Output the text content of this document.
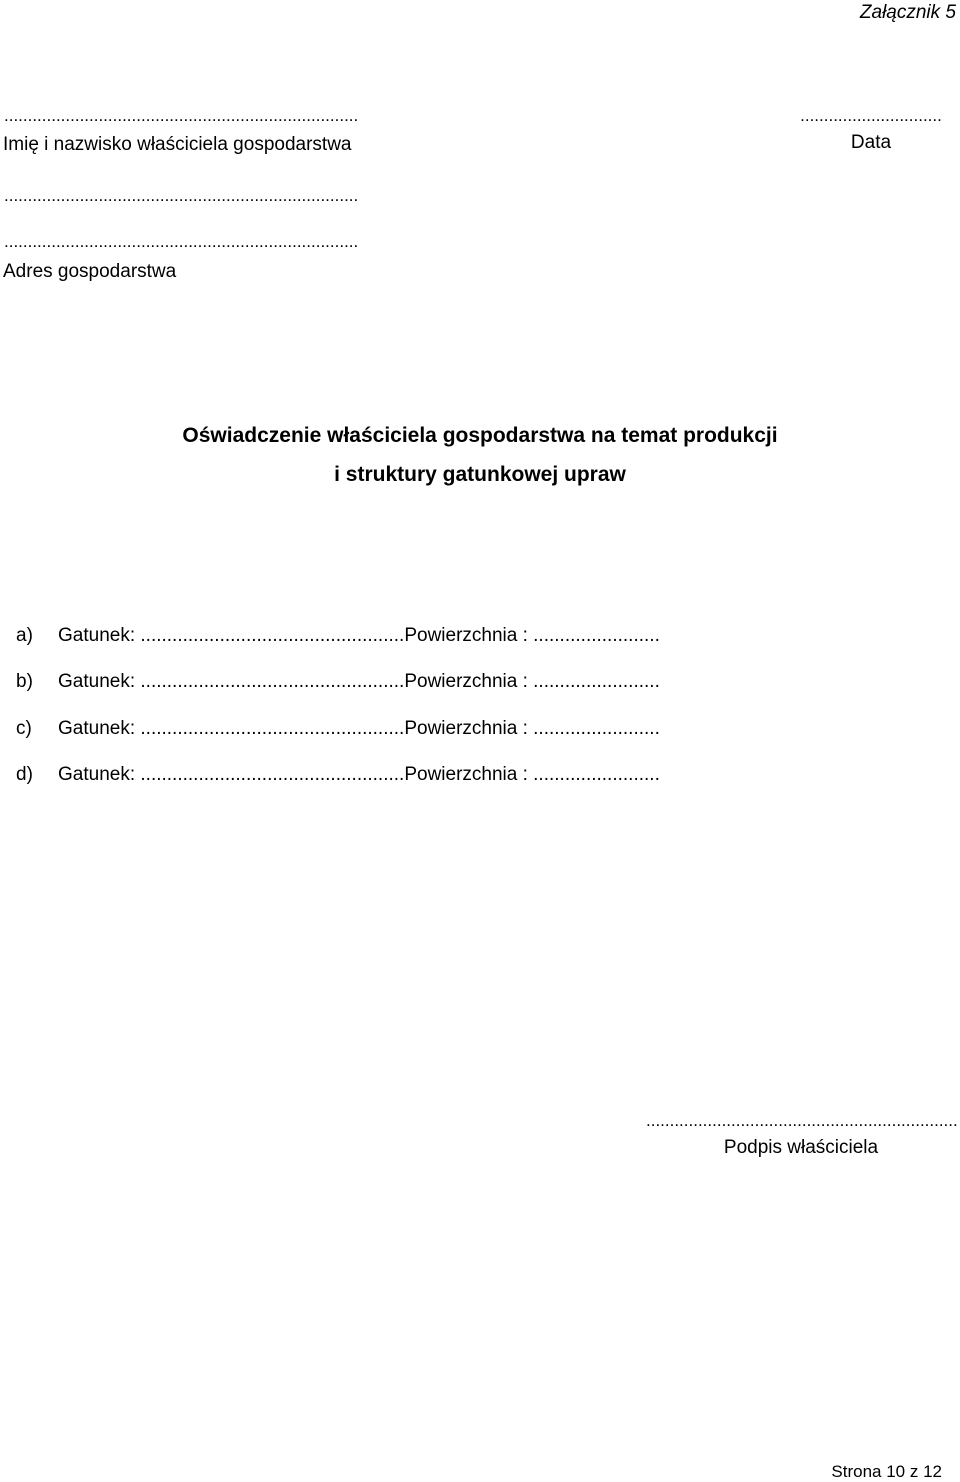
Załącznik 5
...........................................................................
Imię i nazwisko właściciela gospodarstwa
..............................
Data
...........................................................................
...........................................................................
Adres gospodarstwa
Oświadczenie właściciela gospodarstwa na temat produkcji
i struktury gatunkowej upraw
a) Gatunek: ..................................................Powierzchnia : ........................
b) Gatunek: ..................................................Powierzchnia : ........................
c) Gatunek: ..................................................Powierzchnia : ........................
d) Gatunek: ..................................................Powierzchnia : ........................
..................................................................
Podpis właściciela
Strona 10 z 12
